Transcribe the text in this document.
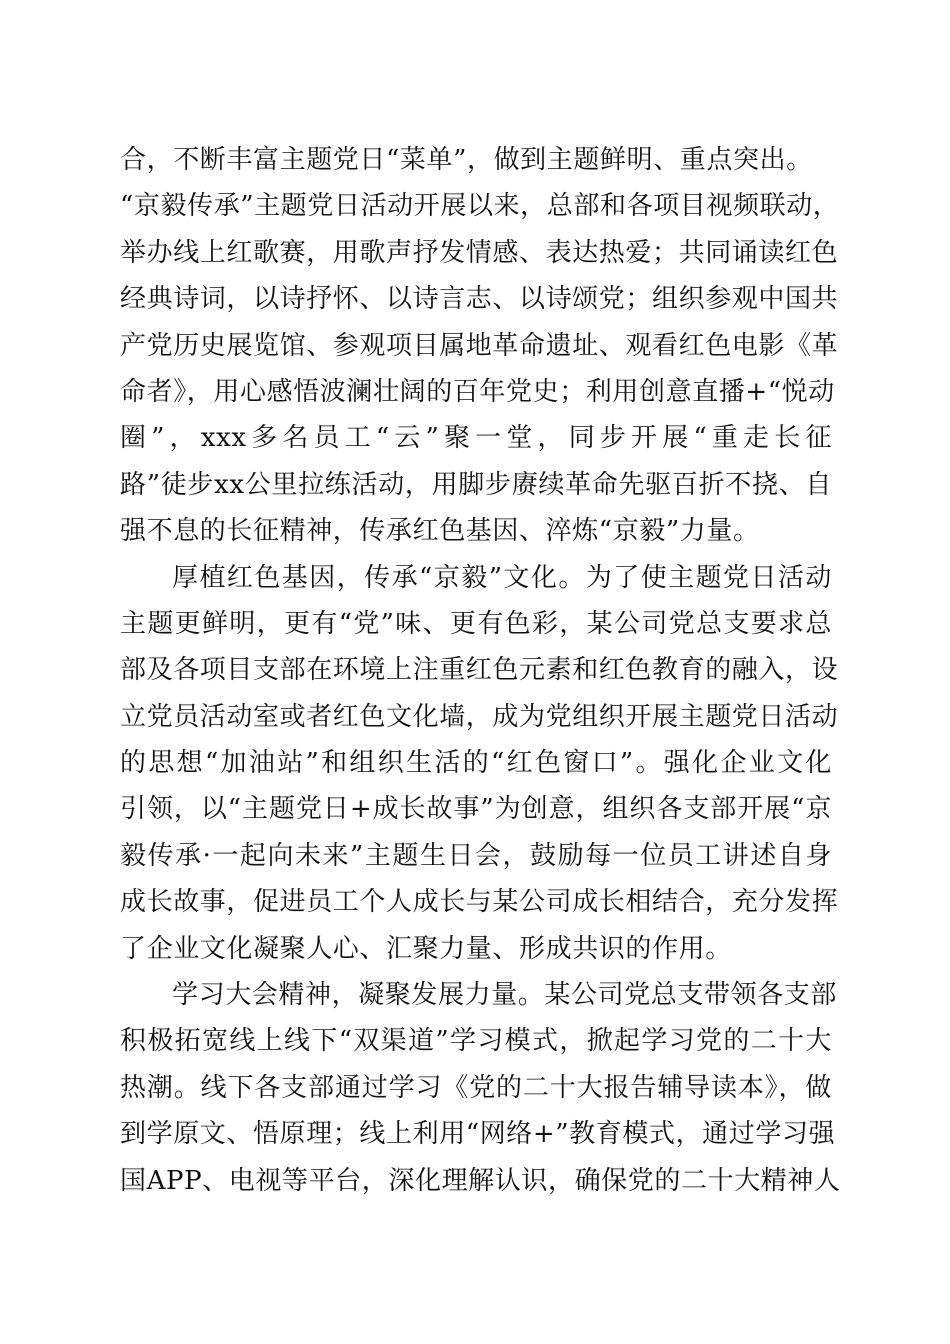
合，不断丰富主题党日“菜单”，做到主题鲜明、重点突出。
“京毅传承”主题党日活动开展以来，总部和各项目视频联动，
举办线上红歌赛，用歌声抒发情感、表达热爱；共同诵读红色
经典诗词，以诗抒怀、以诗言志、以诗颂党；组织参观中国共
产党历史展览馆、参观项目属地革命遗址、观看红色电影《革
命者》，用心感悟波澜壮阔的百年党史；利用创意直播+“悦动
圈”，xxx多名员工“云”聚一堂，同步开展“重走长征
路”徒步xx公里拉练活动，用脚步赓续革命先驱百折不挠、自
强不息的长征精神，传承红色基因、淬炼“京毅”力量。
厚植红色基因，传承“京毅”文化。为了使主题党日活动
主题更鲜明，更有“党”味、更有色彩，某公司党总支要求总
部及各项目支部在环境上注重红色元素和红色教育的融入，设
立党员活动室或者红色文化墙，成为党组织开展主题党日活动
的思想“加油站”和组织生活的“红色窗口”。强化企业文化
引领，以“主题党日+成长故事”为创意，组织各支部开展“京
毅传承·一起向未来”主题生日会，鼓励每一位员工讲述自身
成长故事，促进员工个人成长与某公司成长相结合，充分发挥
了企业文化凝聚人心、汇聚力量、形成共识的作用。
学习大会精神，凝聚发展力量。某公司党总支带领各支部
积极拓宽线上线下“双渠道”学习模式，掀起学习党的二十大
热潮。线下各支部通过学习《党的二十大报告辅导读本》，做
到学原文、悟原理；线上利用“网络+”教育模式，通过学习强
国APP、电视等平台，深化理解认识，确保党的二十大精神人
